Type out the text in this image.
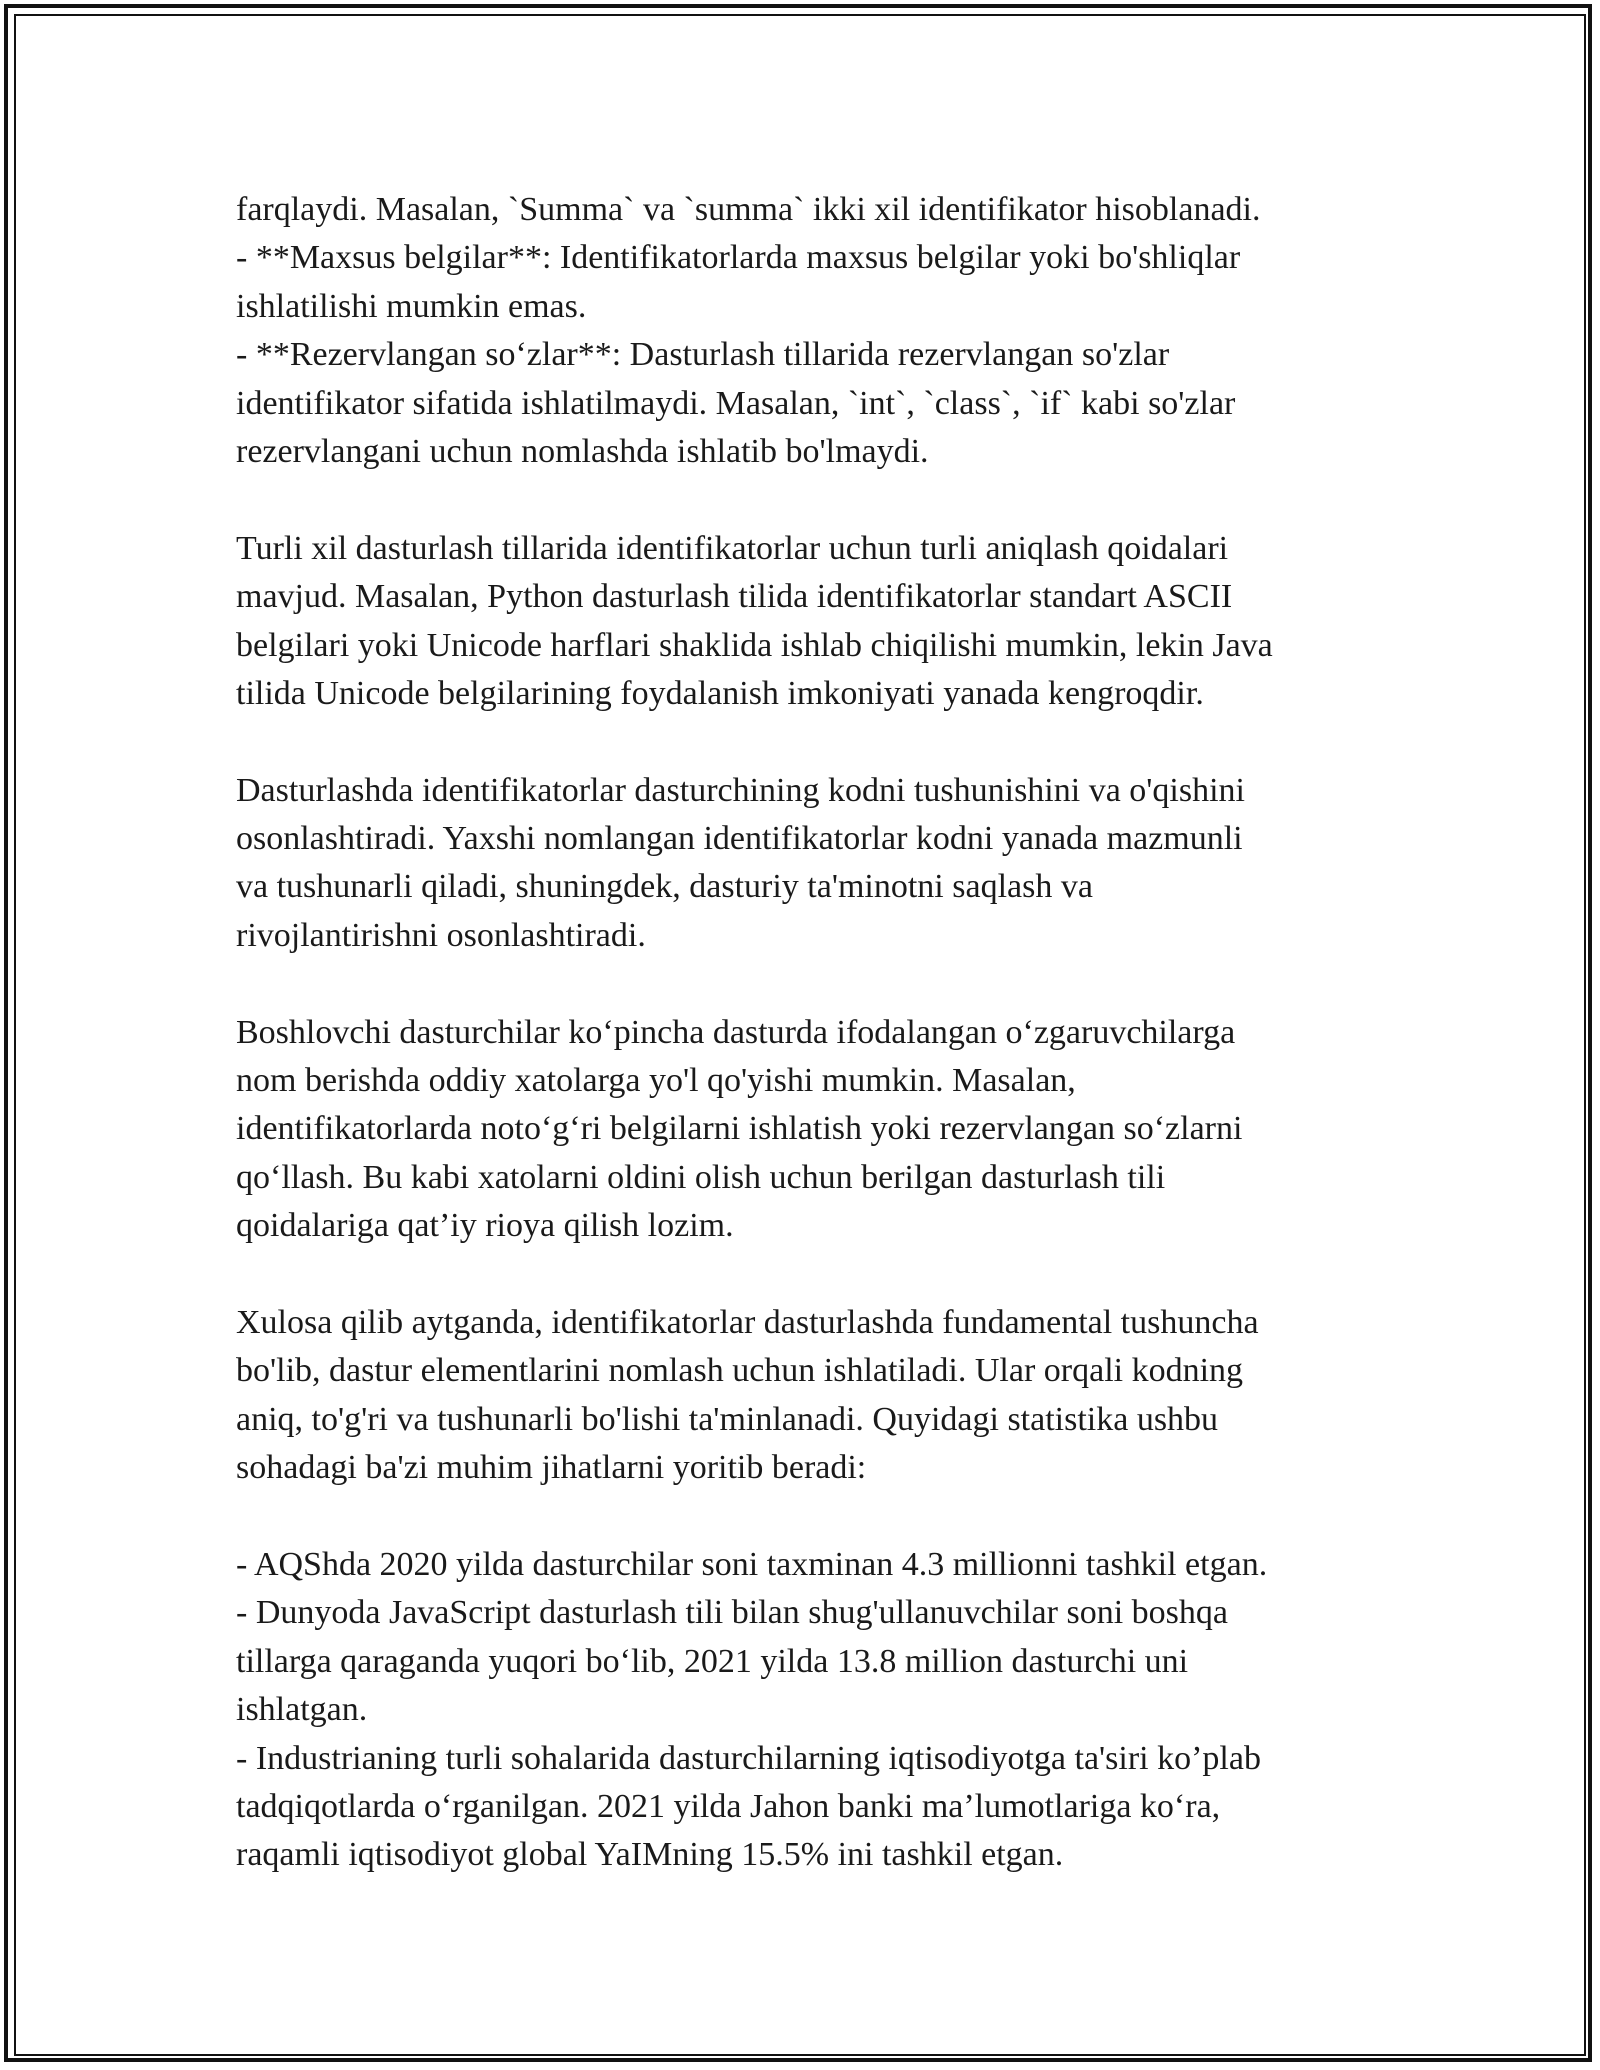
farqlaydi. Masalan, `Summa` va `summa` ikki xil identifikator hisoblanadi.
- **Maxsus belgilar**: Identifikatorlarda maxsus belgilar yoki bo'shliqlar
ishlatilishi mumkin emas.
- **Rezervlangan so‘zlar**: Dasturlash tillarida rezervlangan so'zlar
identifikator sifatida ishlatilmaydi. Masalan, `int`, `class`, `if` kabi so'zlar
rezervlangani uchun nomlashda ishlatib bo'lmaydi.
Turli xil dasturlash tillarida identifikatorlar uchun turli aniqlash qoidalari
mavjud. Masalan, Python dasturlash tilida identifikatorlar standart ASCII
belgilari yoki Unicode harflari shaklida ishlab chiqilishi mumkin, lekin Java
tilida Unicode belgilarining foydalanish imkoniyati yanada kengroqdir.
Dasturlashda identifikatorlar dasturchining kodni tushunishini va o'qishini
osonlashtiradi. Yaxshi nomlangan identifikatorlar kodni yanada mazmunli
va tushunarli qiladi, shuningdek, dasturiy ta'minotni saqlash va
rivojlantirishni osonlashtiradi.
Boshlovchi dasturchilar ko‘pincha dasturda ifodalangan o‘zgaruvchilarga
nom berishda oddiy xatolarga yo'l qo'yishi mumkin. Masalan,
identifikatorlarda noto‘g‘ri belgilarni ishlatish yoki rezervlangan so‘zlarni
qo‘llash. Bu kabi xatolarni oldini olish uchun berilgan dasturlash tili
qoidalariga qat’iy rioya qilish lozim.
Xulosa qilib aytganda, identifikatorlar dasturlashda fundamental tushuncha
bo'lib, dastur elementlarini nomlash uchun ishlatiladi. Ular orqali kodning
aniq, to'g'ri va tushunarli bo'lishi ta'minlanadi. Quyidagi statistika ushbu
sohadagi ba'zi muhim jihatlarni yoritib beradi:
- AQShda 2020 yilda dasturchilar soni taxminan 4.3 millionni tashkil etgan.
- Dunyoda JavaScript dasturlash tili bilan shug'ullanuvchilar soni boshqa
tillarga qaraganda yuqori bo‘lib, 2021 yilda 13.8 million dasturchi uni
ishlatgan.
- Industrianing turli sohalarida dasturchilarning iqtisodiyotga ta'siri ko’plab
tadqiqotlarda o‘rganilgan. 2021 yilda Jahon banki ma’lumotlariga ko‘ra,
raqamli iqtisodiyot global YaIMning 15.5% ini tashkil etgan.
